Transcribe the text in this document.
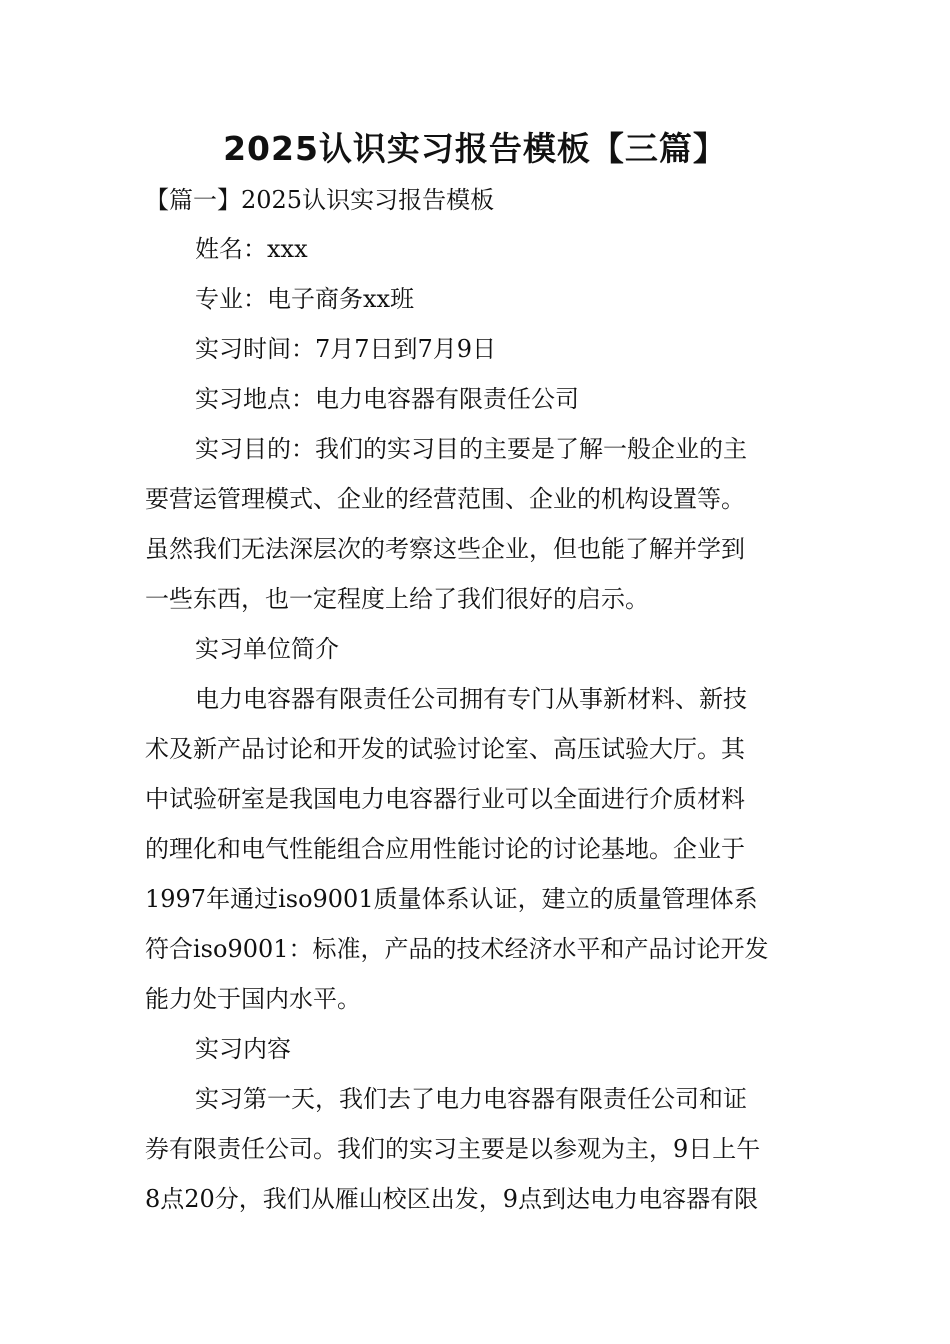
2025认识实习报告模板【三篇】
【篇一】2025认识实习报告模板
姓名：xxx
专业：电子商务xx班
实习时间：7月7日到7月9日
实习地点：电力电容器有限责任公司
实习目的：我们的实习目的主要是了解一般企业的主
要营运管理模式、企业的经营范围、企业的机构设置等。
虽然我们无法深层次的考察这些企业，但也能了解并学到
一些东西，也一定程度上给了我们很好的启示。
实习单位简介
电力电容器有限责任公司拥有专门从事新材料、新技
术及新产品讨论和开发的试验讨论室、高压试验大厅。其
中试验研室是我国电力电容器行业可以全面进行介质材料
的理化和电气性能组合应用性能讨论的讨论基地。企业于
1997年通过iso9001质量体系认证，建立的质量管理体系
符合iso9001：标准，产品的技术经济水平和产品讨论开发
能力处于国内水平。
实习内容
实习第一天，我们去了电力电容器有限责任公司和证
券有限责任公司。我们的实习主要是以参观为主，9日上午
8点20分，我们从雁山校区出发，9点到达电力电容器有限
